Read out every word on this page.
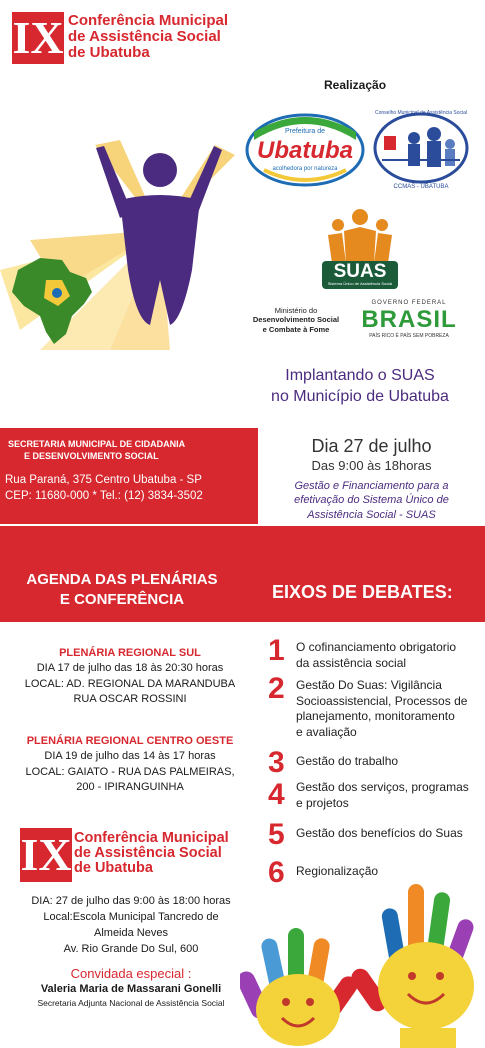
IX Conferência Municipal
de Assistência Social
de Ubatuba
Realização
Prefeitura de
Ubatuba
acolhedora por natureza
Conselho Municipal de Assistência Social
CCMAS - UBATUBA
SUAS
Sistema Único de Assistência Social
Ministério do
Desenvolvimento Social
e Combate à Fome
GOVERNO FEDERAL
BRASIL
PAÍS RICO É PAÍS SEM POBREZA
Implantando o SUAS
no Município de Ubatuba
SECRETARIA MUNICIPAL DE CIDADANIA
E DESENVOLVIMENTO SOCIAL
Rua Paraná, 375 Centro Ubatuba - SP
CEP: 11680-000 * Tel.: (12) 3834-3502
Dia 27 de julho
Das 9:00 às 18horas
Gestão e Financiamento para a
efetivação do Sistema Único de
Assistência Social - SUAS
AGENDA DAS PLENÁRIAS
E CONFERÊNCIA	EIXOS DE DEBATES:
PLENÁRIA REGIONAL SUL
DIA 17 de julho das 18 às 20:30 horas
LOCAL: AD. REGIONAL DA MARANDUBA
RUA OSCAR ROSSINI
PLENÁRIA REGIONAL CENTRO OESTE
DIA 19 de julho das 14 às 17 horas
LOCAL: GAIATO - RUA DAS PALMEIRAS,
200 - IPIRANGUINHA
IX Conferência Municipal
de Assistência Social
de Ubatuba
DIA: 27 de julho das 9:00 às 18:00 horas
Local:Escola Municipal Tancredo de
Almeida Neves
Av. Rio Grande Do Sul, 600
Convidada especial :
Valeria Maria de Massarani Gonelli
Secretaria Adjunta Nacional de Assistência Social
1 O cofinanciamento obrigatorio
da assistência social
2 Gestão Do Suas: Vigilância
Socioassistencial, Processos de
planejamento, monitoramento
e avaliação
3 Gestão do trabalho
4 Gestão dos serviços, programas
e projetos
5 Gestão dos benefícios do Suas
6 Regionalização
